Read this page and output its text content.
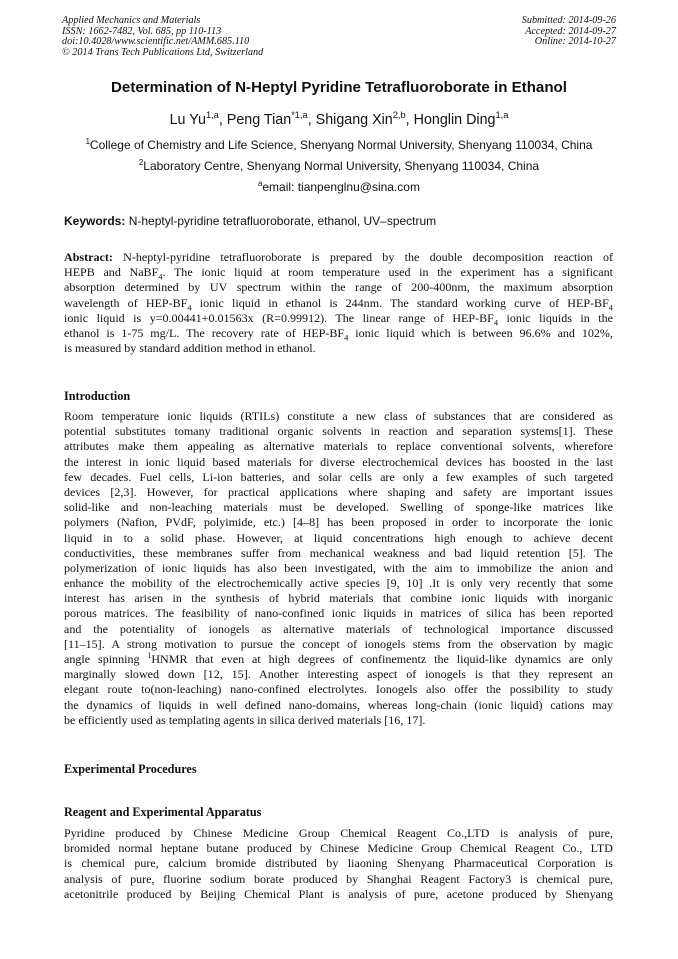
Applied Mechanics and Materials
ISSN: 1662-7482, Vol. 685, pp 110-113
doi:10.4028/www.scientific.net/AMM.685.110
© 2014 Trans Tech Publications Ltd, Switzerland
Submitted: 2014-09-26
Accepted: 2014-09-27
Online: 2014-10-27
Determination of N-Heptyl Pyridine Tetrafluoroborate in Ethanol
Lu Yu$^{1,a}$, Peng Tian$^{*1,a}$, Shigang Xin$^{2,b}$, Honglin Ding$^{1,a}$
$^1$College of Chemistry and Life Science, Shenyang Normal University, Shenyang 110034, China
$^2$Laboratory Centre, Shenyang Normal University, Shenyang 110034, China
$^a$email: tianpenglnu@sina.com
Keywords: N-heptyl-pyridine tetrafluoroborate, ethanol, UV–spectrum
Abstract: N-heptyl-pyridine tetrafluoroborate is prepared by the double decomposition reaction of
HEPB and NaBF$_4$. The ionic liquid at room temperature used in the experiment has a significant
absorption determined by UV spectrum within the range of 200-400nm, the maximum absorption
wavelength of HEP-$BF_4$ ionic liquid in ethanol is 244nm. The standard working curve of HEP-$BF_4$
ionic liquid is y=0.00441+0.01563x (R=0.99912). The linear range of HEP-$BF_4$ ionic liquids in the
ethanol is 1-75 mg/L. The recovery rate of HEP-$BF_4$ ionic liquid which is between 96.6% and 102%,
is measured by standard addition method in ethanol.
Introduction
Room temperature ionic liquids (RTILs) constitute a new class of substances that are considered as
potential substitutes tomany traditional organic solvents in reaction and separation systems[1]. These
attributes make them appealing as alternative materials to replace conventional solvents, wherefore
the interest in ionic liquid based materials for diverse electrochemical devices has boosted in the last
few decades. Fuel cells, Li-ion batteries, and solar cells are only a few examples of such targeted
devices [2,3]. However, for practical applications where shaping and safety are important issues
solid-like and non-leaching materials must be developed. Swelling of sponge-like matrices like
polymers (Nafion, PVdF, polyimide, etc.) [4–8] has been proposed in order to incorporate the ionic
liquid in to a solid phase. However, at liquid concentrations high enough to achieve decent
conductivities, these membranes suffer from mechanical weakness and bad liquid retention [5]. The
polymerization of ionic liquids has also been investigated, with the aim to immobilize the anion and
enhance the mobility of the electrochemically active species [9, 10] .It is only very recently that some
interest has arisen in the synthesis of hybrid materials that combine ionic liquids with inorganic
porous matrices. The feasibility of nano-confined ionic liquids in matrices of silica has been reported
and the potentiality of ionogels as alternative materials of technological importance discussed
[11–15]. A strong motivation to pursue the concept of ionogels stems from the observation by magic
angle spinning $^1$HNMR that even at high degrees of confinementz the liquid-like dynamics are only
marginally slowed down [12, 15]. Another interesting aspect of ionogels is that they represent an
elegant route to(non-leaching) nano-confined electrolytes. Ionogels also offer the possibility to study
the dynamics of liquids in well defined nano-domains, whereas long-chain (ionic liquid) cations may
be efficiently used as templating agents in silica derived materials [16, 17].
Experimental Procedures
Reagent and Experimental Apparatus
Pyridine produced by Chinese Medicine Group Chemical Reagent Co.,LTD is analysis of pure,
bromided normal heptane butane produced by Chinese Medicine Group Chemical Reagent Co., LTD
is chemical pure, calcium bromide distributed by liaoning Shenyang Pharmaceutical Corporation is
analysis of pure, fluorine sodium borate produced by Shanghai Reagent Factory3 is chemical pure,
acetonitrile produced by Beijing Chemical Plant is analysis of pure, acetone produced by Shenyang
